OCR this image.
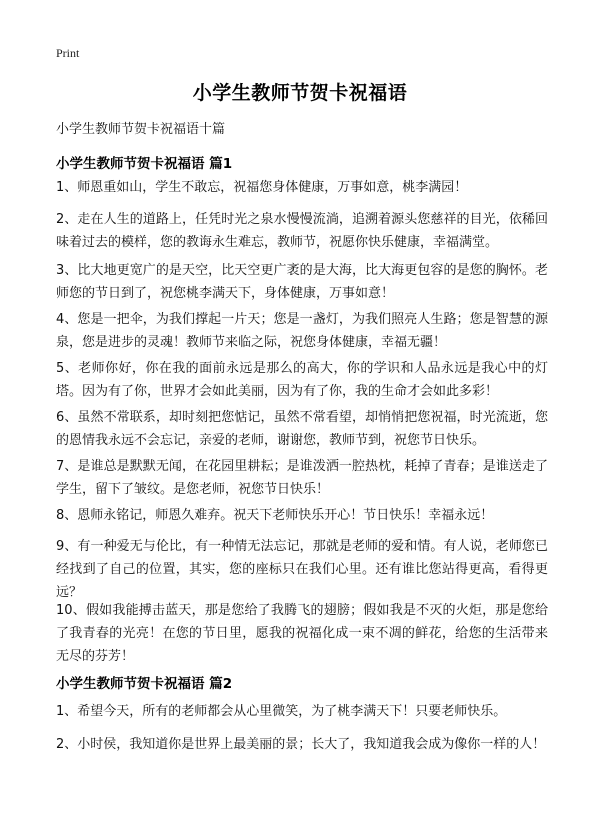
Print
小学生教师节贺卡祝福语
小学生教师节贺卡祝福语十篇
小学生教师节贺卡祝福语 篇1
1、师恩重如山，学生不敢忘，祝福您身体健康，万事如意，桃李满园！
2、走在人生的道路上，任凭时光之泉水慢慢流淌，追溯着源头您慈祥的目光，依稀回味着过去的模样，您的教诲永生难忘，教师节，祝愿你快乐健康，幸福满堂。
3、比大地更宽广的是天空，比天空更广袤的是大海，比大海更包容的是您的胸怀。老师您的节日到了，祝您桃李满天下，身体健康，万事如意！
4、您是一把伞，为我们撑起一片天；您是一盏灯，为我们照亮人生路；您是智慧的源泉，您是进步的灵魂！教师节来临之际，祝您身体健康，幸福无疆！
5、老师你好，你在我的面前永远是那么的高大，你的学识和人品永远是我心中的灯塔。因为有了你，世界才会如此美丽，因为有了你，我的生命才会如此多彩！
6、虽然不常联系，却时刻把您惦记，虽然不常看望，却悄悄把您祝福，时光流逝，您的恩情我永远不会忘记，亲爱的老师，谢谢您，教师节到，祝您节日快乐。
7、是谁总是默默无闻，在花园里耕耘；是谁泼洒一腔热枕，耗掉了青春；是谁送走了学生，留下了皱纹。是您老师，祝您节日快乐！
8、恩师永铭记，师恩久难弃。祝天下老师快乐开心！节日快乐！幸福永远！
9、有一种爱无与伦比，有一种情无法忘记，那就是老师的爱和情。有人说，老师您已经找到了自己的位置，其实，您的座标只在我们心里。还有谁比您站得更高，看得更远？
10、假如我能搏击蓝天，那是您给了我腾飞的翅膀；假如我是不灭的火炬，那是您给了我青春的光亮！在您的节日里，愿我的祝福化成一束不凋的鲜花，给您的生活带来无尽的芬芳！
小学生教师节贺卡祝福语 篇2
1、希望今天，所有的老师都会从心里微笑，为了桃李满天下！只要老师快乐。
2、小时侯，我知道你是世界上最美丽的景；长大了，我知道我会成为像你一样的人！
